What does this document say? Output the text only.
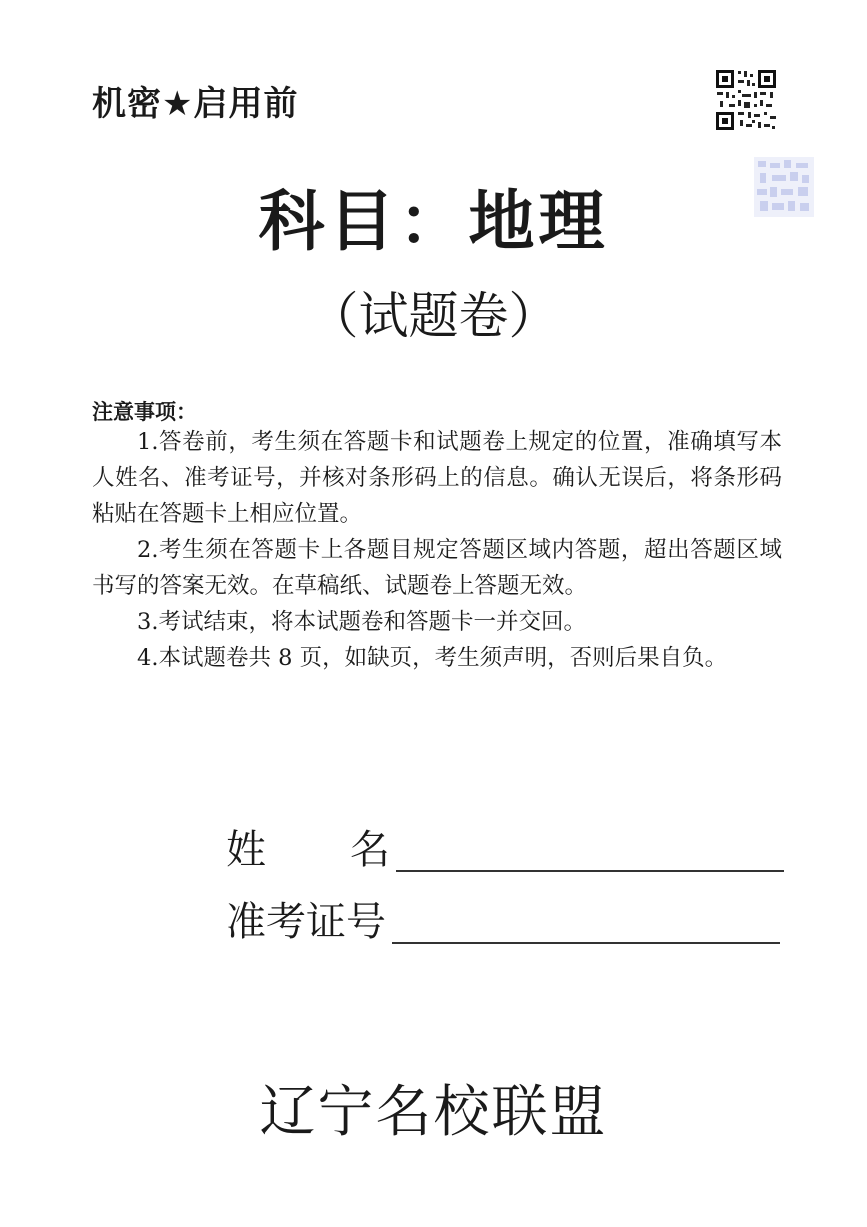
机密★启用前
科目：地理
（试题卷）
注意事项：

1.答卷前，考生须在答题卡和试题卷上规定的位置，准确填写本人姓名、准考证号，并核对条形码上的信息。确认无误后，将条形码粘贴在答题卡上相应位置。

2.考生须在答题卡上各题目规定答题区域内答题，超出答题区域书写的答案无效。在草稿纸、试题卷上答题无效。

3.考试结束，将本试题卷和答题卡一并交回。

4.本试题卷共 8 页，如缺页，考生须声明，否则后果自负。

姓 名
准考证号
辽宁名校联盟
